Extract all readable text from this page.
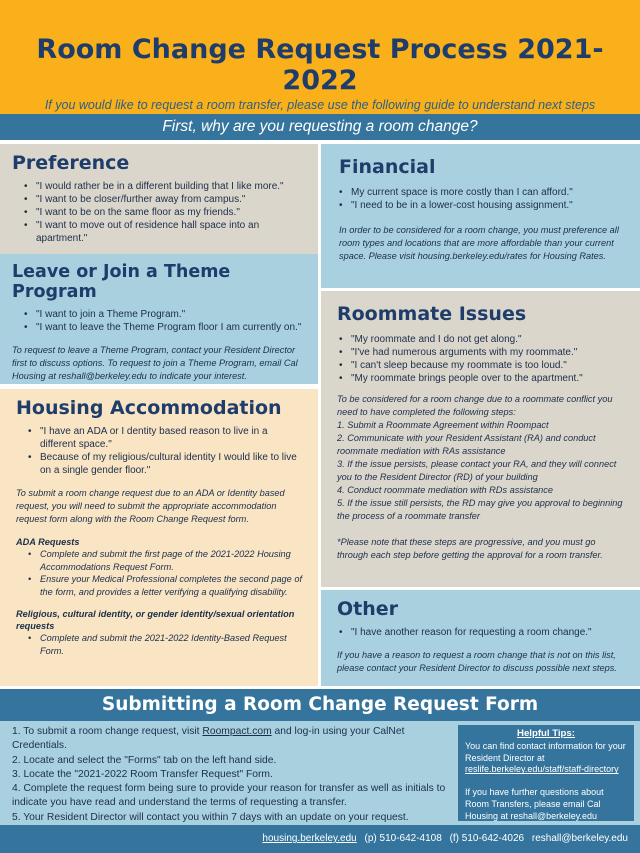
Room Change Request Process 2021-2022
If you would like to request a room transfer, please use the following guide to understand next steps
First, why are you requesting a room change?
Preference
• "I would rather be in a different building that I like more."
• "I want to be closer/further away from campus."
• "I want to be on the same floor as my friends."
• "I want to move out of residence hall space into an apartment."
Leave or Join a Theme Program
• "I want to join a Theme Program."
• "I want to leave the Theme Program floor I am currently on."

To request to leave a Theme Program, contact your Resident Director first to discuss options. To request to join a Theme Program, email Cal Housing at reshall@berkeley.edu to indicate your interest.

Housing Accommodation
• "I have an ADA or I dentity based reason to live in a different space."
• Because of my religious/cultural identity I would like to live on a single gender floor."

To submit a room change request due to an ADA or Identity based request, you will need to submit the appropriate accommodation request form along with the Room Change Request form.

ADA Requests

• Complete and submit the first page of the 2021-2022 Housing Accommodations Request Form.
• Ensure your Medical Professional completes the second page of the form, and provides a letter verifying a qualifying disability.

Religious, cultural identity, or gender identity/sexual orientation requests

• Complete and submit the 2021-2022 Identity-Based Request Form.
Financial
• My current space is more costly than I can afford."
• "I need to be in a lower-cost housing assignment."

In order to be considered for a room change, you must preference all room types and locations that are more affordable than your current space. Please visit housing.berkeley.edu/rates for Housing Rates.

Roommate Issues
• "My roommate and I do not get along."
• "I've had numerous arguments with my roommate."
• "I can't sleep because my roommate is too loud."
• "My roommate brings people over to the apartment."

To be considered for a room change due to a roommate conflict you need to have completed the following steps:

1. Submit a Roommate Agreement within Roompact

2. Communicate with your Resident Assistant (RA) and conduct roommate mediation with RAs assistance

3. If the issue persists, please contact your RA, and they will connect you to the Resident Director (RD) of your building

4. Conduct roommate mediation with RDs assistance

5. If the issue still persists, the RD may give you approval to beginning the process of a roommate transfer

*Please note that these steps are progressive, and you must go through each step before getting the approval for a room transfer.

Other
• "I have another reason for requesting a room change."

If you have a reason to request a room change that is not on this list, please contact your Resident Director to discuss possible next steps.

Submitting a Room Change Request Form

1. To submit a room change request, visit Roompact.com and log-in using your CalNet Credentials.

2. Locate and select the "Forms" tab on the left hand side.

3. Locate the "2021-2022 Room Transfer Request" Form.

4. Complete the request form being sure to provide your reason for transfer as well as initials to indicate you have read and understand the terms of requesting a transfer.

5. Your Resident Director will contact you within 7 days with an update on your request.

Helpful Tips:

You can find contact information for your Resident Director at

reslife.berkeley.edu/staff/staff-directory

If you have further questions about Room Transfers, please email Cal Housing at reshall@berkeley.edu

housing.berkeley.edu (p) 510-642-4108 (f) 510-642-4026 reshall@berkeley.edu
